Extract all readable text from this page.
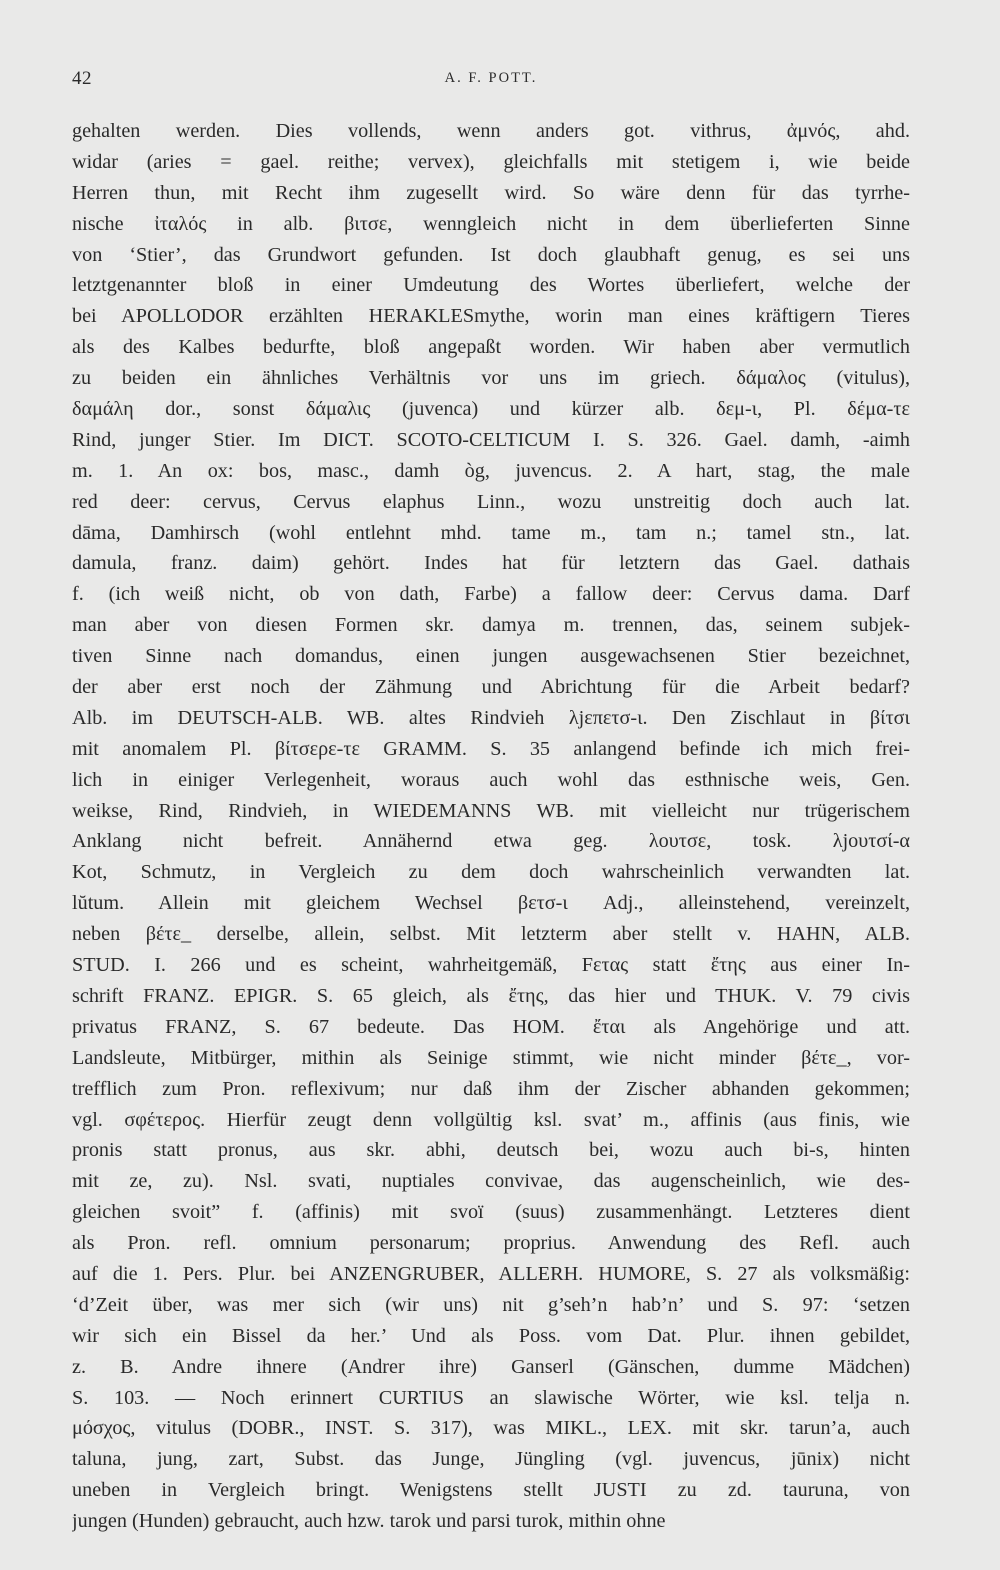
42	A. F. POTT.
gehalten werden. Dies vollends, wenn anders got. vithrus, ἀμνός, ahd.
widar (aries = gael. reithe; vervex), gleichfalls mit stetigem i, wie beide
Herren thun, mit Recht ihm zugesellt wird. So wäre denn für das tyrrhe-
nische ἰταλός in alb. βιτσε, wenngleich nicht in dem überlieferten Sinne
von ‘Stier’, das Grundwort gefunden. Ist doch glaubhaft genug, es sei uns
letztgenannter bloß in einer Umdeutung des Wortes überliefert, welche der
bei APOLLODOR erzählten HERAKLESmythe, worin man eines kräftigern Tieres
als des Kalbes bedurfte, bloß angepaßt worden. Wir haben aber vermutlich
zu beiden ein ähnliches Verhältnis vor uns im griech. δάμαλος (vitulus),
δαμάλη dor., sonst δάμαλις (juvenca) und kürzer alb. δεμ-ι, Pl. δέμα-τε
Rind, junger Stier. Im DICT. SCOTO-CELTICUM I. S. 326. Gael. damh, -aimh
m. 1. An ox: bos, masc., damh òg, juvencus. 2. A hart, stag, the male
red deer: cervus, Cervus elaphus Linn., wozu unstreitig doch auch lat.
dāma, Damhirsch (wohl entlehnt mhd. tame m., tam n.; tamel stn., lat.
damula, franz. daim) gehört. Indes hat für letztern das Gael. dathais
f. (ich weiß nicht, ob von dath, Farbe) a fallow deer: Cervus dama. Darf
man aber von diesen Formen skr. damya m. trennen, das, seinem subjek-
tiven Sinne nach domandus, einen jungen ausgewachsenen Stier bezeichnet,
der aber erst noch der Zähmung und Abrichtung für die Arbeit bedarf?
Alb. im DEUTSCH-ALB. WB. altes Rindvieh λjεπετσ-ι. Den Zischlaut in βίτσι
mit anomalem Pl. βίτσερε-τε GRAMM. S. 35 anlangend befinde ich mich frei-
lich in einiger Verlegenheit, woraus auch wohl das esthnische weis, Gen.
weikse, Rind, Rindvieh, in WIEDEMANNS WB. mit vielleicht nur trügerischem
Anklang nicht befreit. Annähernd etwa geg. λουτσε, tosk. λjουτσί-α
Kot, Schmutz, in Vergleich zu dem doch wahrscheinlich verwandten lat.
lŭtum. Allein mit gleichem Wechsel βετσ-ι Adj., alleinstehend, vereinzelt,
neben βέτε_ derselbe, allein, selbst. Mit letzterm aber stellt v. HAHN, ALB.
STUD. I. 266 und es scheint, wahrheitgemäß, Fετας statt ἔτης aus einer In-
schrift FRANZ. EPIGR. S. 65 gleich, als ἔτης, das hier und THUK. V. 79 civis
privatus FRANZ, S. 67 bedeute. Das HOM. ἔται als Angehörige und att.
Landsleute, Mitbürger, mithin als Seinige stimmt, wie nicht minder βέτε_, vor-
trefflich zum Pron. reflexivum; nur daß ihm der Zischer abhanden gekommen;
vgl. σφέτερος. Hierfür zeugt denn vollgültig ksl. svat’ m., affinis (aus finis, wie
pronis statt pronus, aus skr. abhi, deutsch bei, wozu auch bi-s, hinten
mit ze, zu). Nsl. svati, nuptiales convivae, das augenscheinlich, wie des-
gleichen svoit” f. (affinis) mit svoï (suus) zusammenhängt. Letzteres dient
als Pron. refl. omnium personarum; proprius. Anwendung des Refl. auch
auf die 1. Pers. Plur. bei ANZENGRUBER, ALLERH. HUMORE, S. 27 als volksmäßig:
‘d’Zeit über, was mer sich (wir uns) nit g’seh’n hab’n’ und S. 97: ‘setzen
wir sich ein Bissel da her.’ Und als Poss. vom Dat. Plur. ihnen gebildet,
z. B. Andre ihnere (Andrer ihre) Ganserl (Gänschen, dumme Mädchen)
S. 103. — Noch erinnert CURTIUS an slawische Wörter, wie ksl. telja n.
μόσχος, vitulus (DOBR., INST. S. 317), was MIKL., LEX. mit skr. tarun’a, auch
taluna, jung, zart, Subst. das Junge, Jüngling (vgl. juvencus, jūnix) nicht
uneben in Vergleich bringt. Wenigstens stellt JUSTI zu zd. tauruna, von
jungen (Hunden) gebraucht, auch hzw. tarok und parsi turok, mithin ohne
